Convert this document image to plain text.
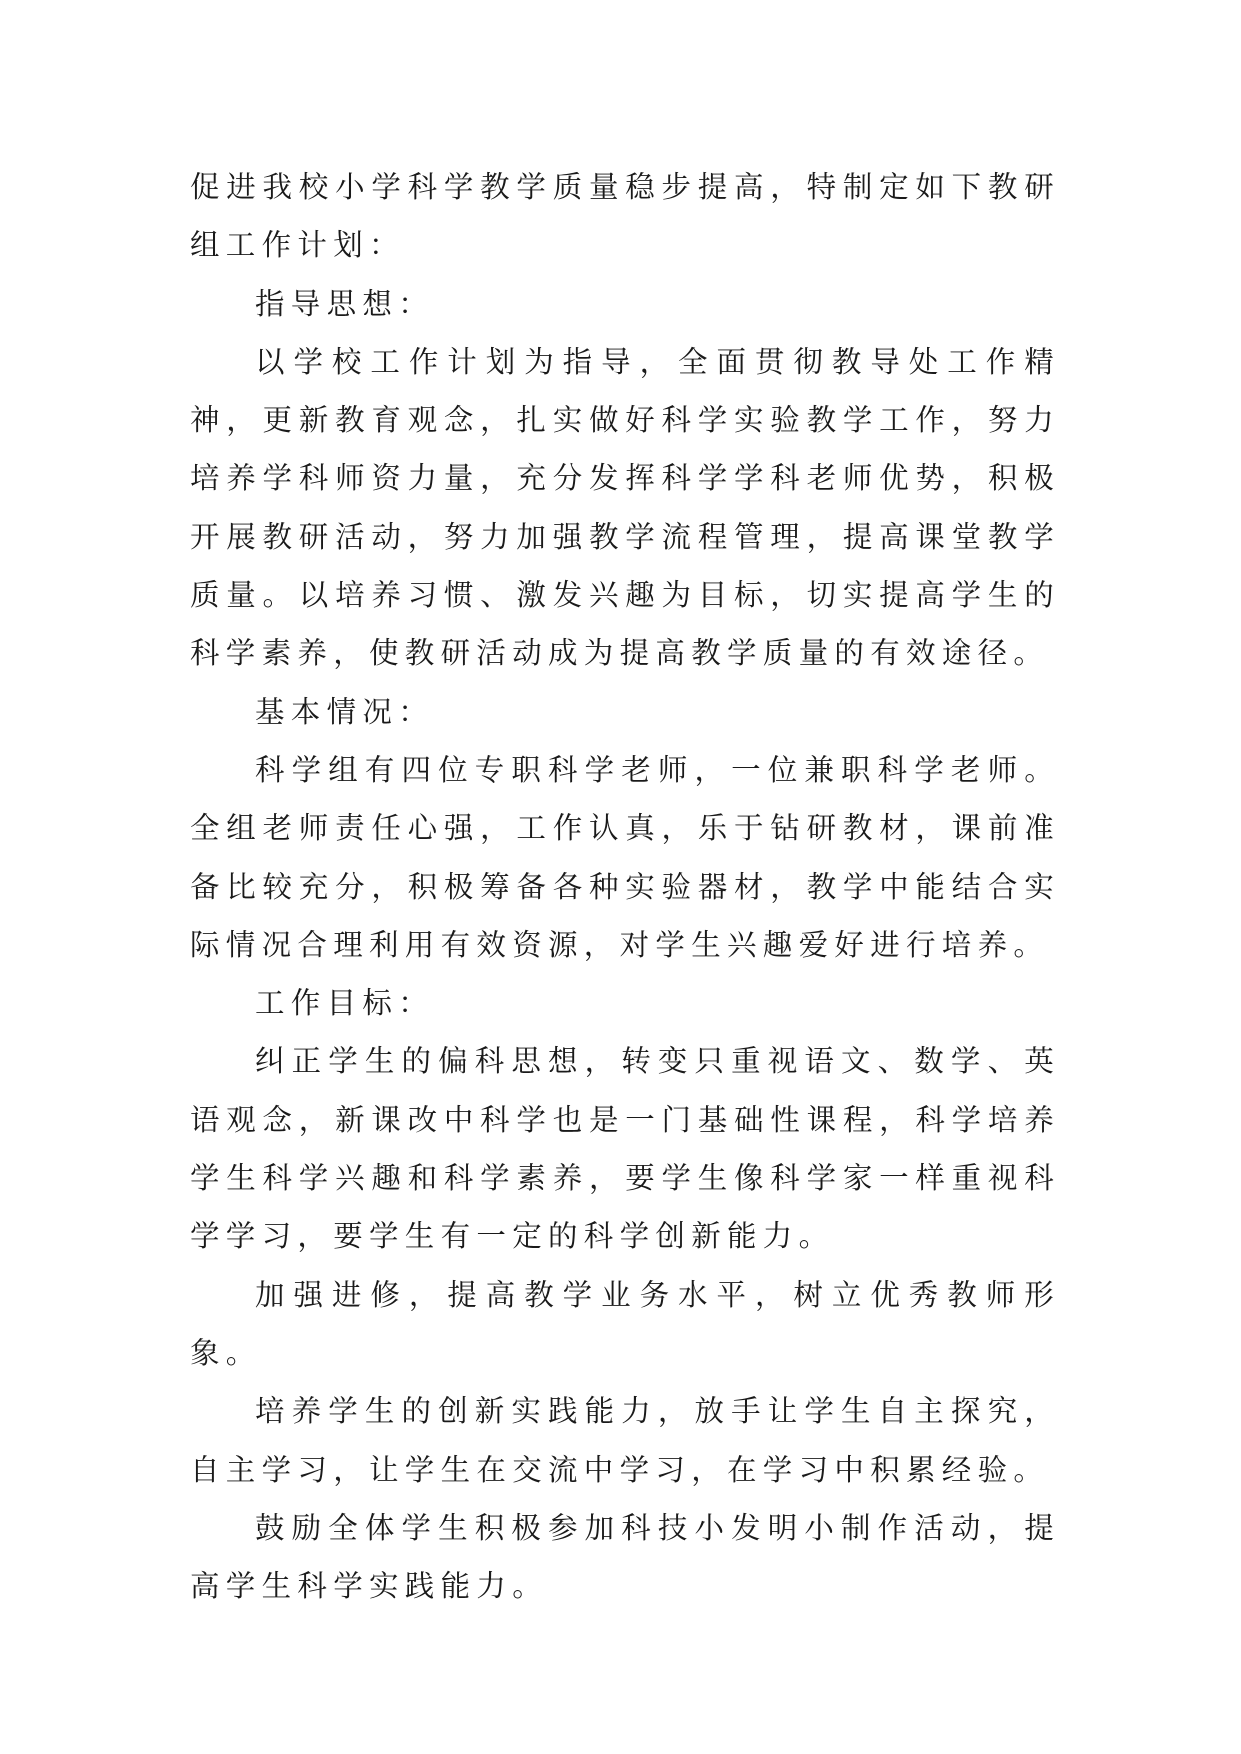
促进我校小学科学教学质量稳步提高，特制定如下教研组工作计划：

指导思想：

以学校工作计划为指导，全面贯彻教导处工作精神，更新教育观念，扎实做好科学实验教学工作，努力培养学科师资力量，充分发挥科学学科老师优势，积极开展教研活动，努力加强教学流程管理，提高课堂教学质量。以培养习惯、激发兴趣为目标，切实提高学生的科学素养，使教研活动成为提高教学质量的有效途径。

基本情况：

科学组有四位专职科学老师，一位兼职科学老师。全组老师责任心强，工作认真，乐于钻研教材，课前准备比较充分，积极筹备各种实验器材，教学中能结合实际情况合理利用有效资源，对学生兴趣爱好进行培养。

工作目标：

纠正学生的偏科思想，转变只重视语文、数学、英语观念，新课改中科学也是一门基础性课程，科学培养学生科学兴趣和科学素养，要学生像科学家一样重视科学学习，要学生有一定的科学创新能力。

加强进修，提高教学业务水平，树立优秀教师形象。

培养学生的创新实践能力，放手让学生自主探究，自主学习，让学生在交流中学习，在学习中积累经验。

鼓励全体学生积极参加科技小发明小制作活动，提高学生科学实践能力。
